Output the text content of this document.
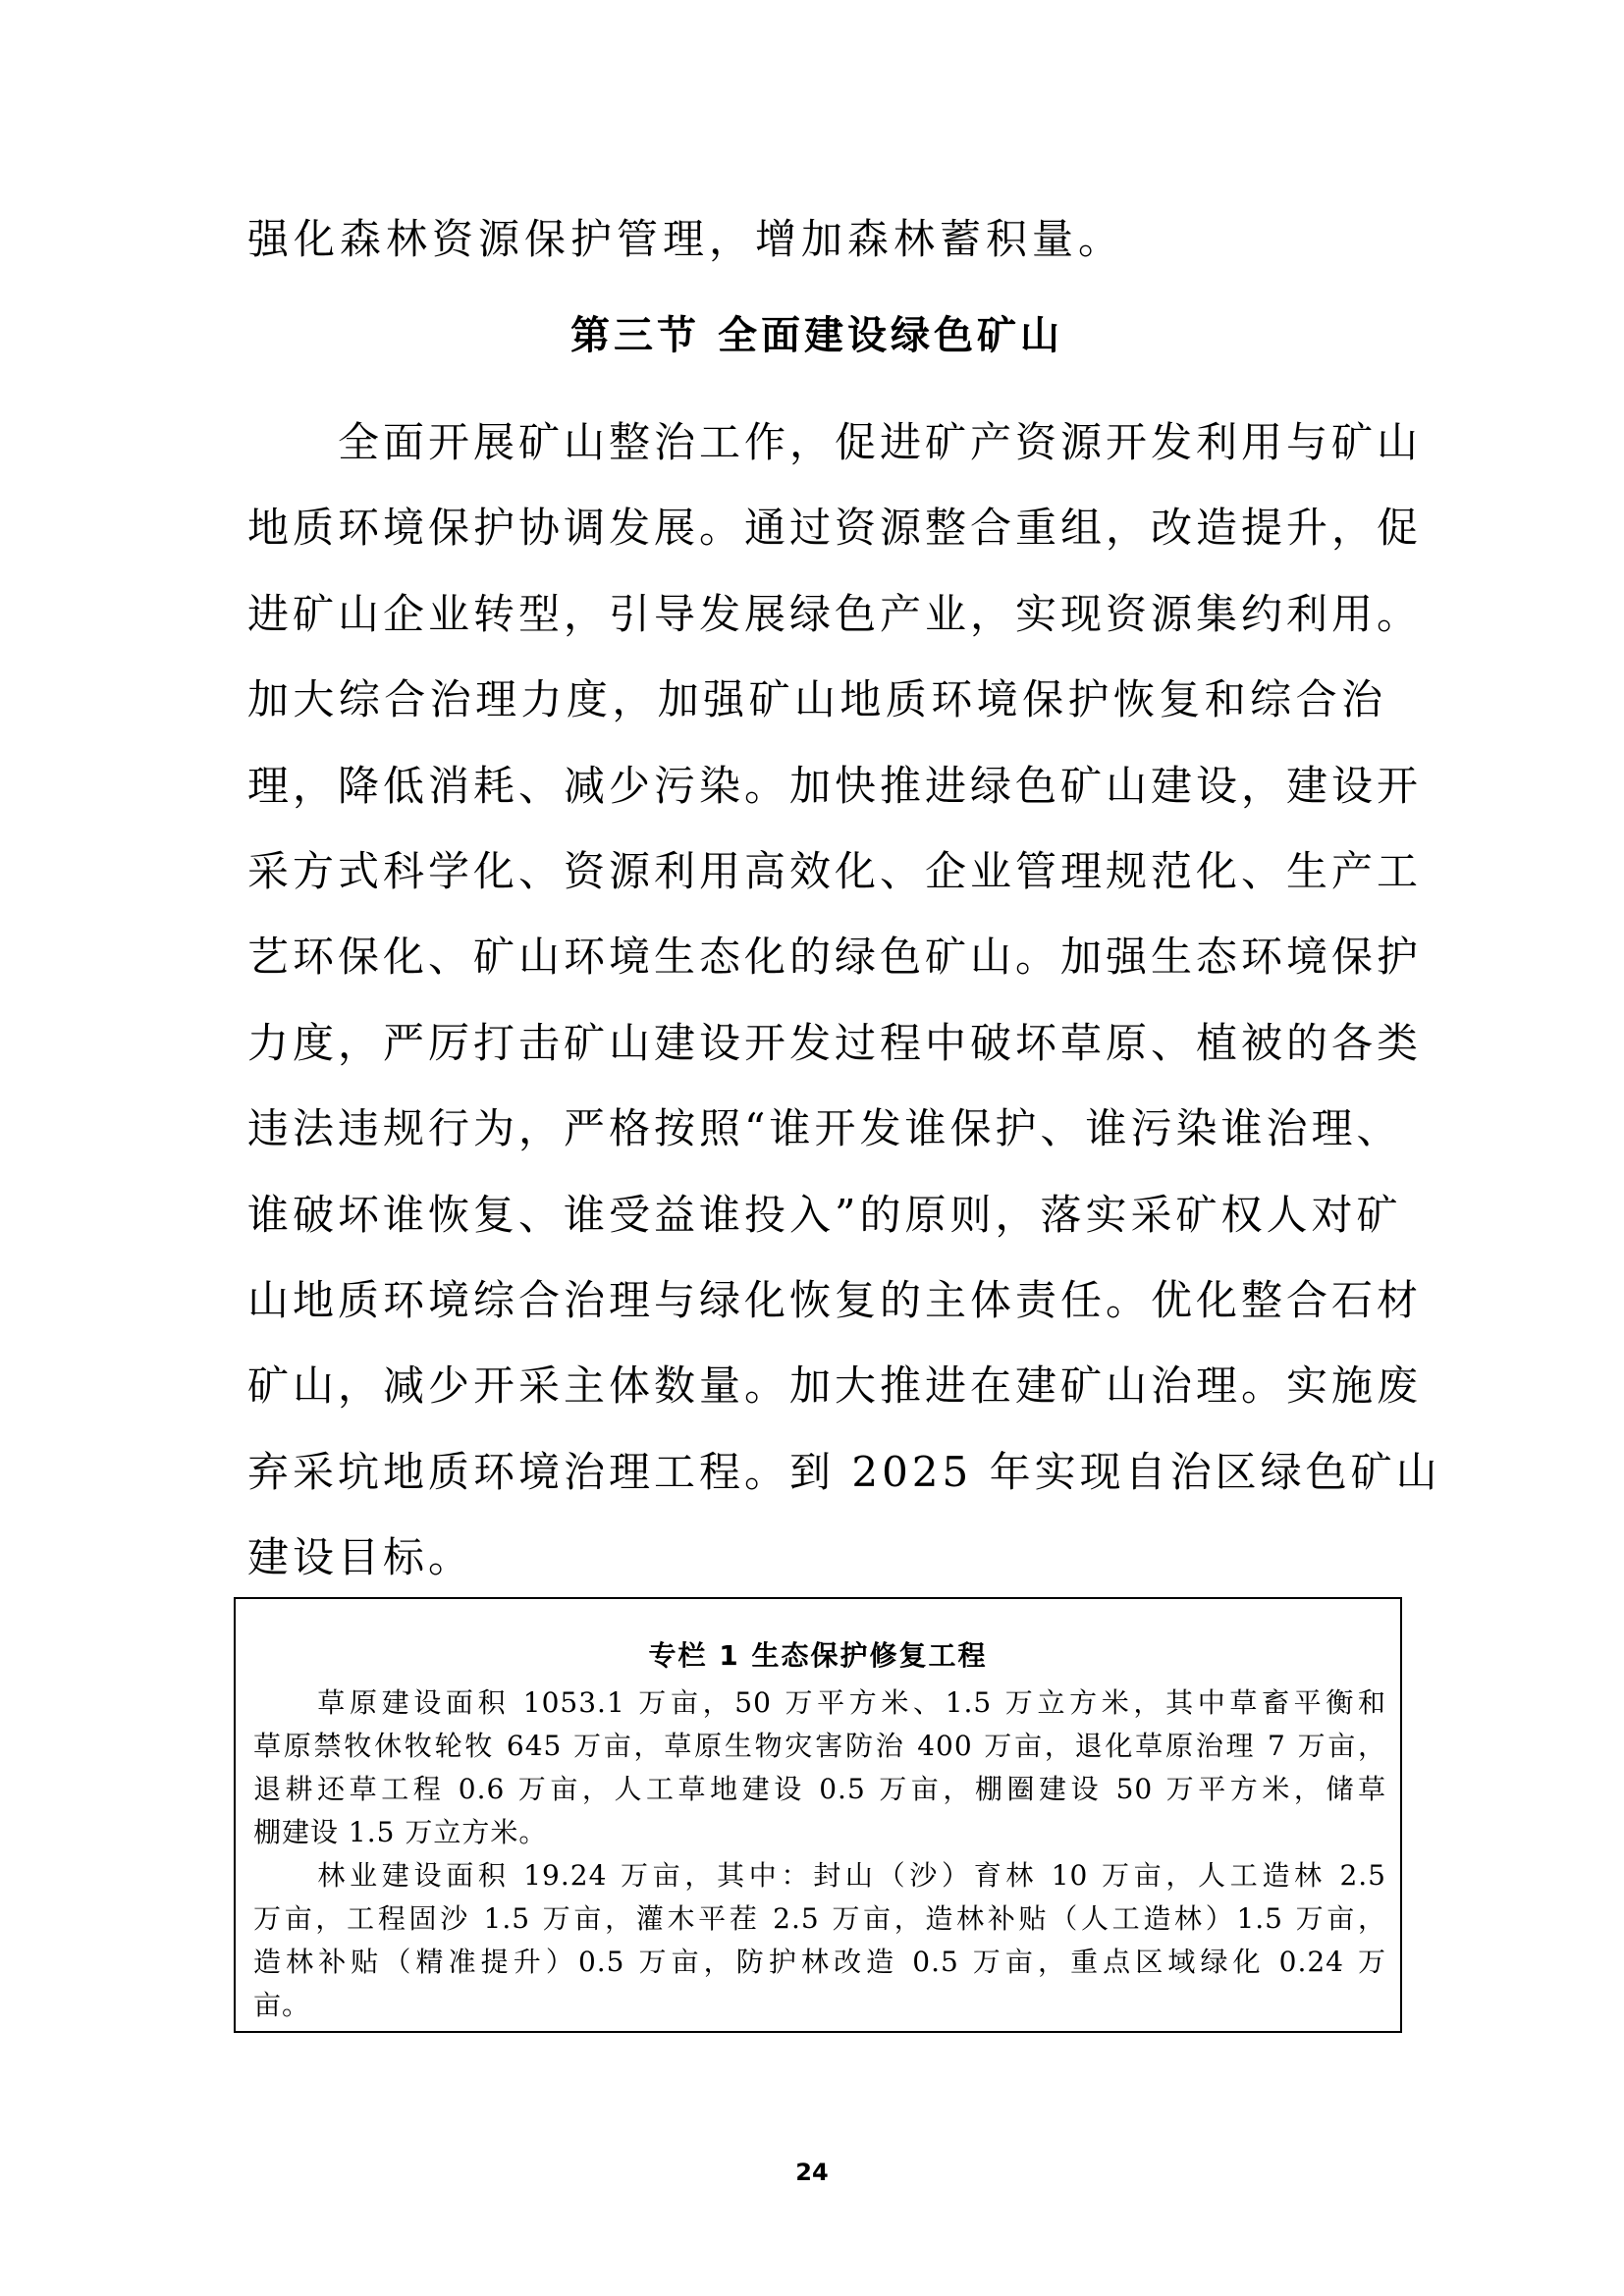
强化森林资源保护管理，增加森林蓄积量。
第三节 全面建设绿色矿山
　　全面开展矿山整治工作，促进矿产资源开发利用与矿山
地质环境保护协调发展。通过资源整合重组，改造提升，促
进矿山企业转型，引导发展绿色产业，实现资源集约利用。
加大综合治理力度，加强矿山地质环境保护恢复和综合治
理，降低消耗、减少污染。加快推进绿色矿山建设，建设开
采方式科学化、资源利用高效化、企业管理规范化、生产工
艺环保化、矿山环境生态化的绿色矿山。加强生态环境保护
力度，严厉打击矿山建设开发过程中破坏草原、植被的各类
违法违规行为，严格按照“谁开发谁保护、谁污染谁治理、
谁破坏谁恢复、谁受益谁投入”的原则，落实采矿权人对矿
山地质环境综合治理与绿化恢复的主体责任。优化整合石材
矿山，减少开采主体数量。加大推进在建矿山治理。实施废
弃采坑地质环境治理工程。到 2025 年实现自治区绿色矿山
建设目标。
专栏 1 生态保护修复工程
　　草原建设面积 1053.1 万亩，50 万平方米、1.5 万立方米，其中草畜平衡和
草原禁牧休牧轮牧 645 万亩，草原生物灾害防治 400 万亩，退化草原治理 7 万亩，
退耕还草工程 0.6 万亩，人工草地建设 0.5 万亩，棚圈建设 50 万平方米，储草
棚建设 1.5 万立方米。
　　林业建设面积 19.24 万亩，其中：封山（沙）育林 10 万亩，人工造林 2.5
万亩，工程固沙 1.5 万亩，灌木平茬 2.5 万亩，造林补贴（人工造林）1.5 万亩，
造林补贴（精准提升）0.5 万亩，防护林改造 0.5 万亩，重点区域绿化 0.24 万
亩。
24
